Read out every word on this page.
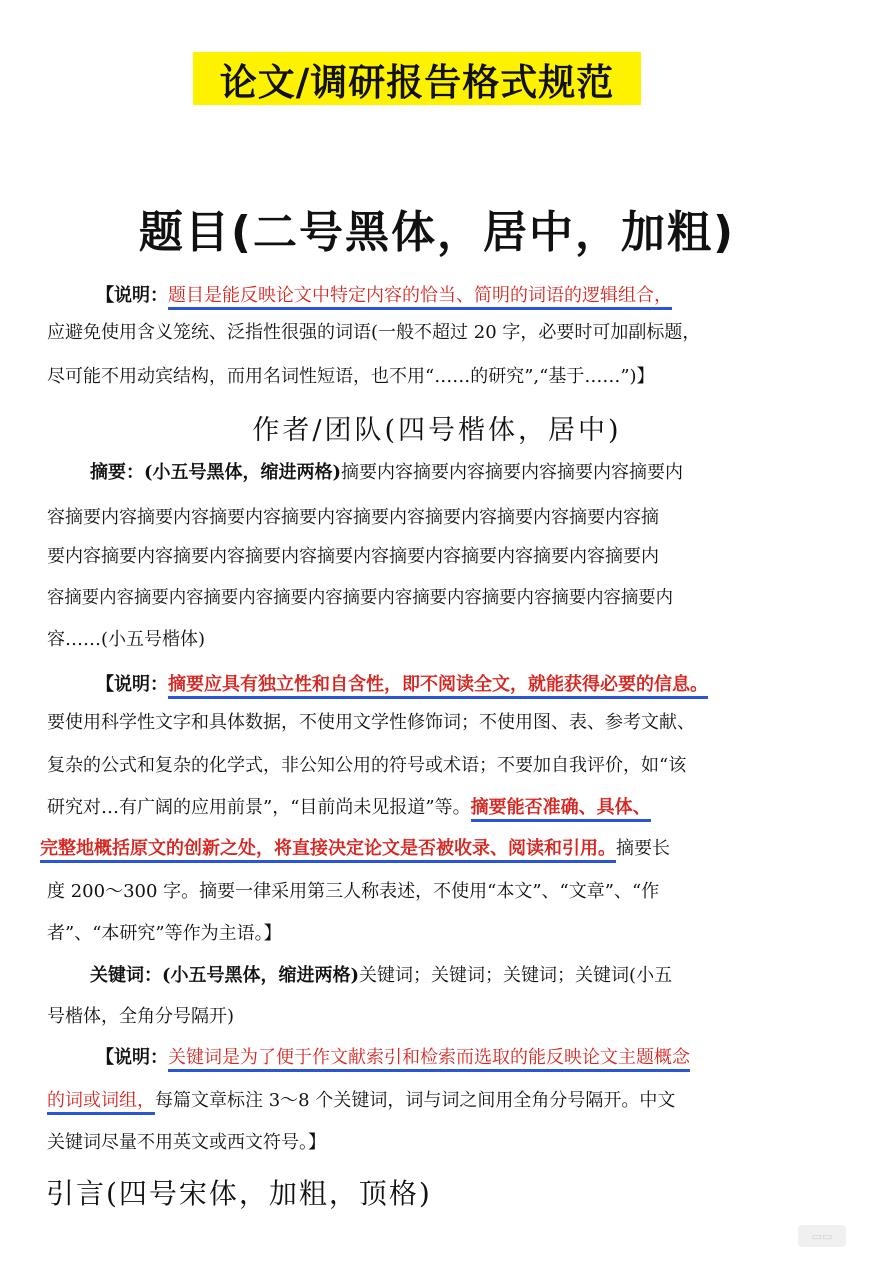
论文/调研报告格式规范
题目(二号黑体，居中，加粗)
【说明：题目是能反映论文中特定内容的恰当、简明的词语的逻辑组合，
应避免使用含义笼统、泛指性很强的词语(一般不超过 20 字，必要时可加副标题，
尽可能不用动宾结构，而用名词性短语，也不用“……的研究”,“基于……”)】
作者/团队(四号楷体，居中)
摘要：(小五号黑体，缩进两格)摘要内容摘要内容摘要内容摘要内容摘要内
容摘要内容摘要内容摘要内容摘要内容摘要内容摘要内容摘要内容摘要内容摘
要内容摘要内容摘要内容摘要内容摘要内容摘要内容摘要内容摘要内容摘要内
容摘要内容摘要内容摘要内容摘要内容摘要内容摘要内容摘要内容摘要内容摘要内
容……(小五号楷体)
【说明：摘要应具有独立性和自含性，即不阅读全文，就能获得必要的信息。
要使用科学性文字和具体数据，不使用文学性修饰词；不使用图、表、参考文献、
复杂的公式和复杂的化学式，非公知公用的符号或术语；不要加自我评价，如“该
研究对…有广阔的应用前景”，“目前尚未见报道”等。摘要能否准确、具体、
完整地概括原文的创新之处，将直接决定论文是否被收录、阅读和引用。摘要长
度 200～300 字。摘要一律采用第三人称表述，不使用“本文”、“文章”、“作
者”、“本研究”等作为主语。】
关键词：(小五号黑体，缩进两格)关键词；关键词；关键词；关键词(小五
号楷体，全角分号隔开)
【说明：关键词是为了便于作文献索引和检索而选取的能反映论文主题概念
的词或词组，每篇文章标注 3～8 个关键词，词与词之间用全角分号隔开。中文
关键词尽量不用英文或西文符号。】
引言(四号宋体，加粗，顶格)
▭▭
